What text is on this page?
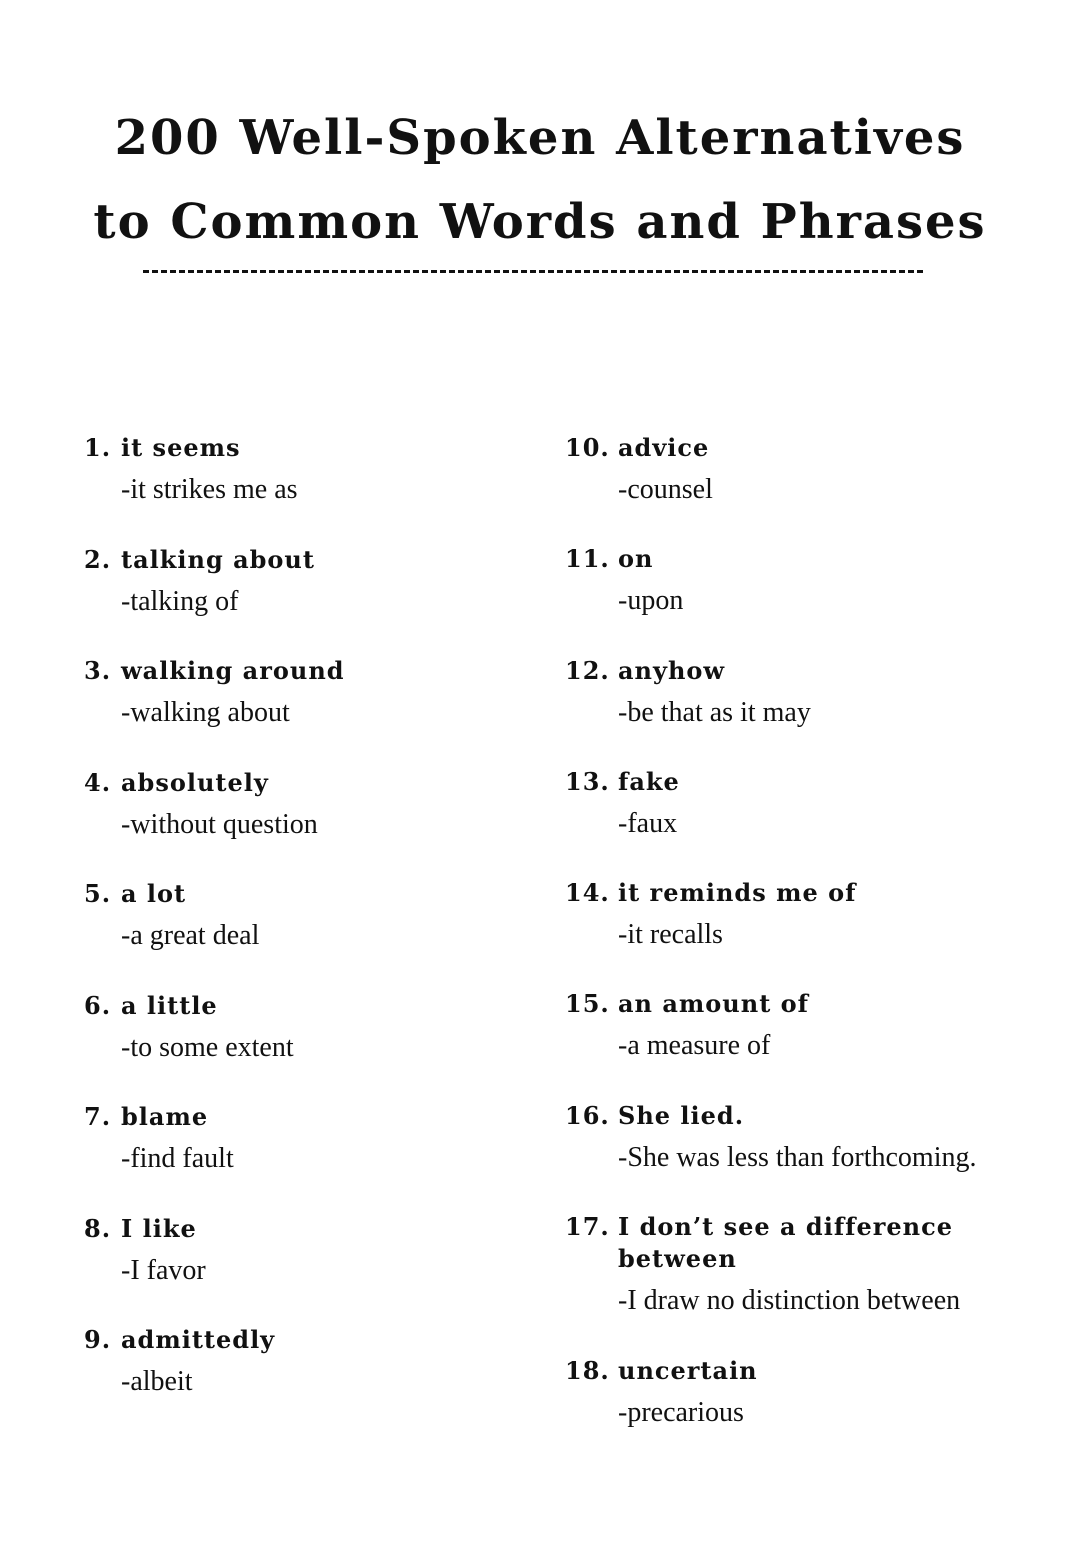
200 Well-Spoken Alternatives
to Common Words and Phrases
1. it seems
-it strikes me as
2. talking about
-talking of
3. walking around
-walking about
4. absolutely
-without question
5. a lot
-a great deal
6. a little
-to some extent
7. blame
-find fault
8. I like
-I favor
9. admittedly
-albeit
10. advice
-counsel
11. on
-upon
12. anyhow
-be that as it may
13. fake
-faux
14. it reminds me of
-it recalls
15. an amount of
-a measure of
16. She lied.
-She was less than forthcoming.
17. I don’t see a difference between
-I draw no distinction between
18. uncertain
-precarious
